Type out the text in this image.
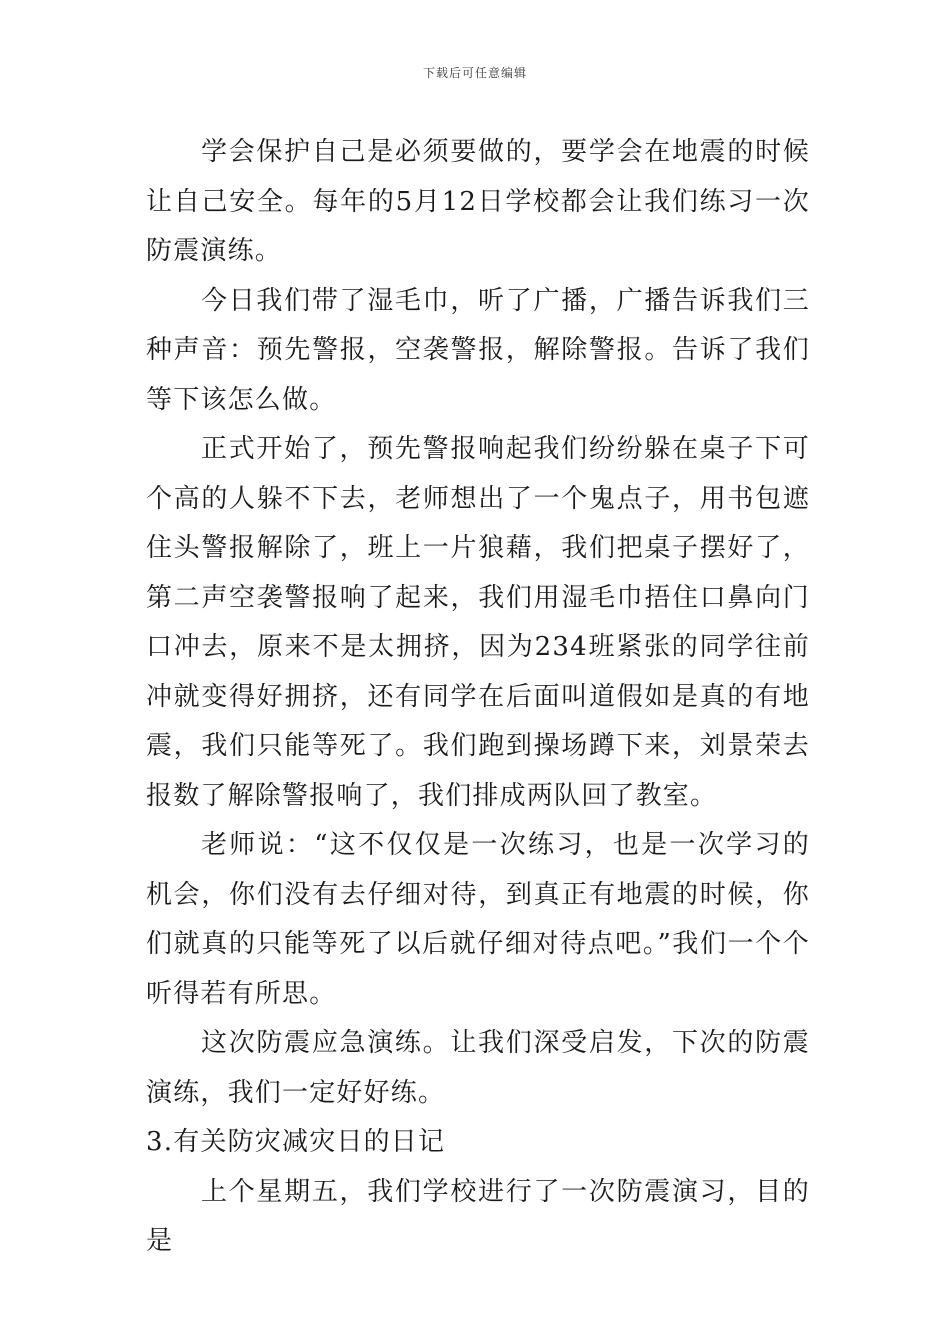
下载后可任意编辑

学会保护自己是必须要做的，要学会在地震的时候让自己安全。每年的5月12日学校都会让我们练习一次防震演练。

今日我们带了湿毛巾，听了广播，广播告诉我们三种声音：预先警报，空袭警报，解除警报。告诉了我们等下该怎么做。

正式开始了，预先警报响起我们纷纷躲在桌子下可个高的人躲不下去，老师想出了一个鬼点子，用书包遮住头警报解除了，班上一片狼藉，我们把桌子摆好了，第二声空袭警报响了起来，我们用湿毛巾捂住口鼻向门口冲去，原来不是太拥挤，因为234班紧张的同学往前冲就变得好拥挤，还有同学在后面叫道假如是真的有地震，我们只能等死了。我们跑到操场蹲下来，刘景荣去报数了解除警报响了，我们排成两队回了教室。

老师说：“这不仅仅是一次练习，也是一次学习的机会，你们没有去仔细对待，到真正有地震的时候，你们就真的只能等死了以后就仔细对待点吧。”我们一个个听得若有所思。

这次防震应急演练。让我们深受启发，下次的防震演练，我们一定好好练。

3.有关防灾减灾日的日记

上个星期五，我们学校进行了一次防震演习，目的是
